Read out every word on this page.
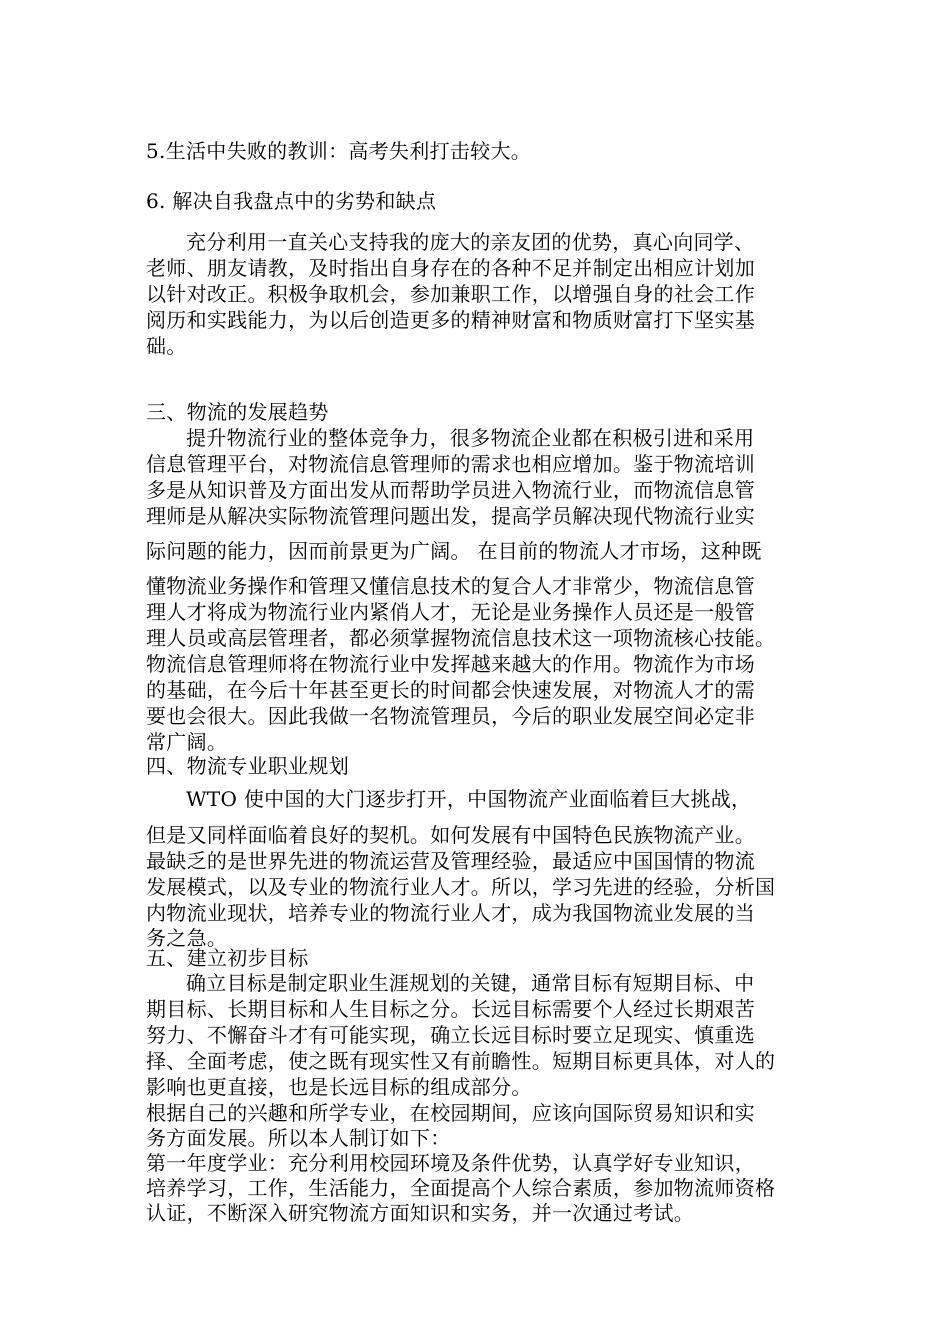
5.生活中失败的教训：高考失利打击较大。
6. 解决自我盘点中的劣势和缺点
充分利用一直关心支持我的庞大的亲友团的优势，真心向同学、
老师、朋友请教，及时指出自身存在的各种不足并制定出相应计划加
以针对改正。积极争取机会，参加兼职工作，以增强自身的社会工作
阅历和实践能力，为以后创造更多的精神财富和物质财富打下坚实基
础。
三、物流的发展趋势
提升物流行业的整体竞争力，很多物流企业都在积极引进和采用
信息管理平台，对物流信息管理师的需求也相应增加。鉴于物流培训
多是从知识普及方面出发从而帮助学员进入物流行业，而物流信息管
理师是从解决实际物流管理问题出发，提高学员解决现代物流行业实
际问题的能力，因而前景更为广阔。 在目前的物流人才市场，这种既
懂物流业务操作和管理又懂信息技术的复合人才非常少，物流信息管
理人才将成为物流行业内紧俏人才，无论是业务操作人员还是一般管
理人员或高层管理者，都必须掌握物流信息技术这一项物流核心技能。
物流信息管理师将在物流行业中发挥越来越大的作用。物流作为市场
的基础，在今后十年甚至更长的时间都会快速发展，对物流人才的需
要也会很大。因此我做一名物流管理员，今后的职业发展空间必定非
常广阔。
四、物流专业职业规划
WTO 使中国的大门逐步打开，中国物流产业面临着巨大挑战，
但是又同样面临着良好的契机。如何发展有中国特色民族物流产业。
最缺乏的是世界先进的物流运营及管理经验，最适应中国国情的物流
发展模式，以及专业的物流行业人才。所以，学习先进的经验，分析国
内物流业现状，培养专业的物流行业人才，成为我国物流业发展的当
务之急。
五、建立初步目标
确立目标是制定职业生涯规划的关键，通常目标有短期目标、中
期目标、长期目标和人生目标之分。长远目标需要个人经过长期艰苦
努力、不懈奋斗才有可能实现，确立长远目标时要立足现实、慎重选
择、全面考虑，使之既有现实性又有前瞻性。短期目标更具体，对人的
影响也更直接，也是长远目标的组成部分。
根据自己的兴趣和所学专业，在校园期间，应该向国际贸易知识和实
务方面发展。所以本人制订如下：
第一年度学业：充分利用校园环境及条件优势，认真学好专业知识，
培养学习，工作，生活能力，全面提高个人综合素质，参加物流师资格
认证，不断深入研究物流方面知识和实务，并一次通过考试。
